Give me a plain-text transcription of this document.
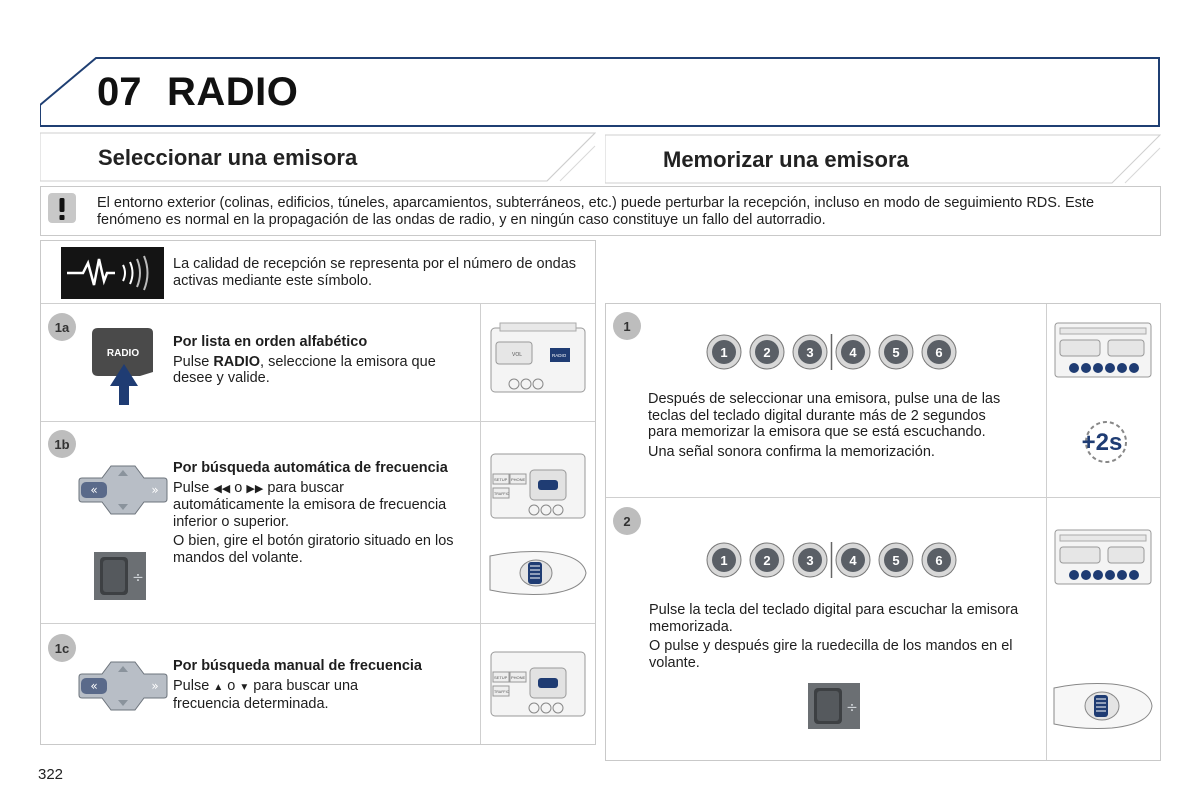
07 RADIO
Seleccionar una emisora	Memorizar una emisora
El entorno exterior (colinas, edificios, túneles, aparcamientos, subterráneos, etc.) puede perturbar la recepción, incluso en modo de seguimiento RDS. Este fenómeno es normal en la propagación de las ondas de radio, y en ningún caso constituye un fallo del autorradio.
La calidad de recepción se representa por el número de ondas activas mediante este símbolo.
1a
RADIO
Por lista en orden alfabético
Pulse RADIO, seleccione la emisora que desee y valide.
1b
«	»
÷
Por búsqueda automática de frecuencia
Pulse ◀◀ o ▶▶ para buscar
automáticamente la emisora de frecuencia inferior o superior.
O bien, gire el botón giratorio situado en los mandos del volante.
1c
«	»
Por búsqueda manual de frecuencia
Pulse ▲ o ▼ para buscar una
frecuencia determinada.
VOL	RADIO
SETUP PHONE
TRAFFIC
SETUP PHONE
TRAFFIC
1
1	2	3	4	5	6
Después de seleccionar una emisora, pulse una de las teclas del teclado digital durante más de 2 segundos para memorizar la emisora que se está escuchando.
Una señal sonora confirma la memorización.	+2s
2
1	2	3	4	5	6
Pulse la tecla del teclado digital para escuchar la emisora memorizada.
O pulse y después gire la ruedecilla de los mandos en el volante.
÷
322
